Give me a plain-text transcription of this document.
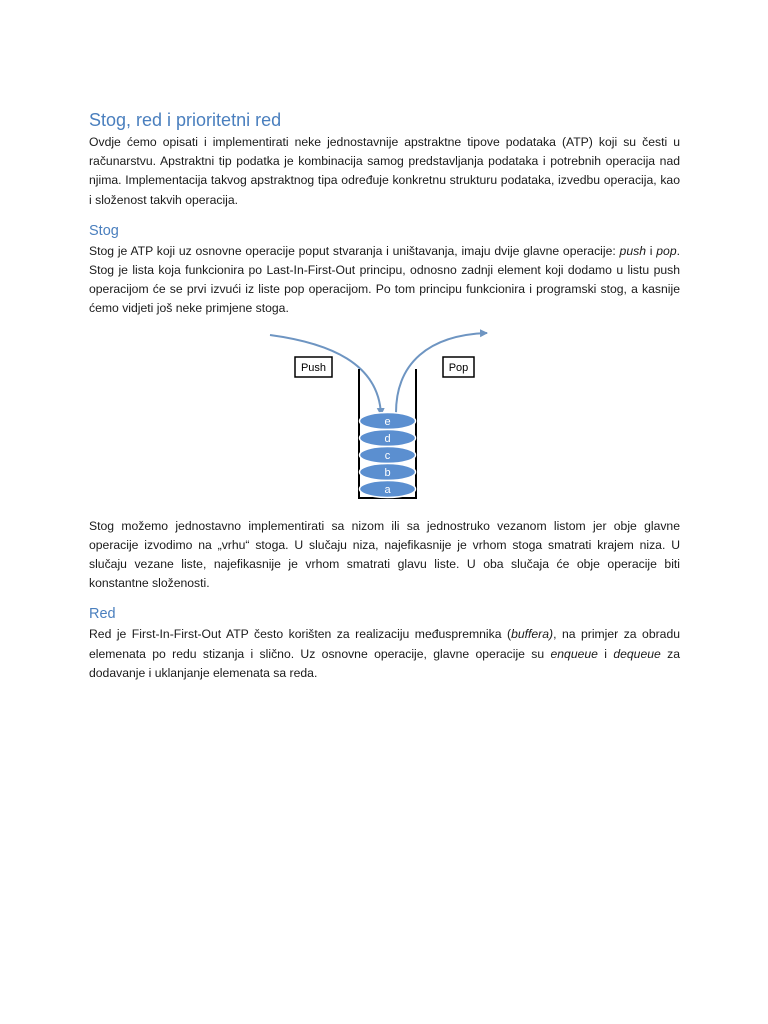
Stog, red i prioritetni red

Ovdje ćemo opisati i implementirati neke jednostavnije apstraktne tipove podataka (ATP) koji su česti u računarstvu. Apstraktni tip podatka je kombinacija samog predstavljanja podataka i potrebnih operacija nad njima. Implementacija takvog apstraktnog tipa određuje konkretnu strukturu podataka, izvedbu operacija, kao i složenost takvih operacija.

Stog

Stog je ATP koji uz osnovne operacije poput stvaranja i uništavanja, imaju dvije glavne operacije: push i pop. Stog je lista koja funkcionira po Last-In-First-Out principu, odnosno zadnji element koji dodamo u listu push operacijom će se prvi izvući iz liste pop operacijom. Po tom principu funkcionira i programski stog, a kasnije ćemo vidjeti još neke primjene stoga.

Push	Pop
e
d
c
b
a

Stog možemo jednostavno implementirati sa nizom ili sa jednostruko vezanom listom jer obje glavne operacije izvodimo na „vrhu“ stoga. U slučaju niza, najefikasnije je vrhom stoga smatrati krajem niza. U slučaju vezane liste, najefikasnije je vrhom smatrati glavu liste. U oba slučaja će obje operacije biti konstantne složenosti.

Red

Red je First-In-First-Out ATP često korišten za realizaciju međuspremnika (buffera), na primjer za obradu elemenata po redu stizanja i slično. Uz osnovne operacije, glavne operacije su enqueue i dequeue za dodavanje i uklanjanje elemenata sa reda.
